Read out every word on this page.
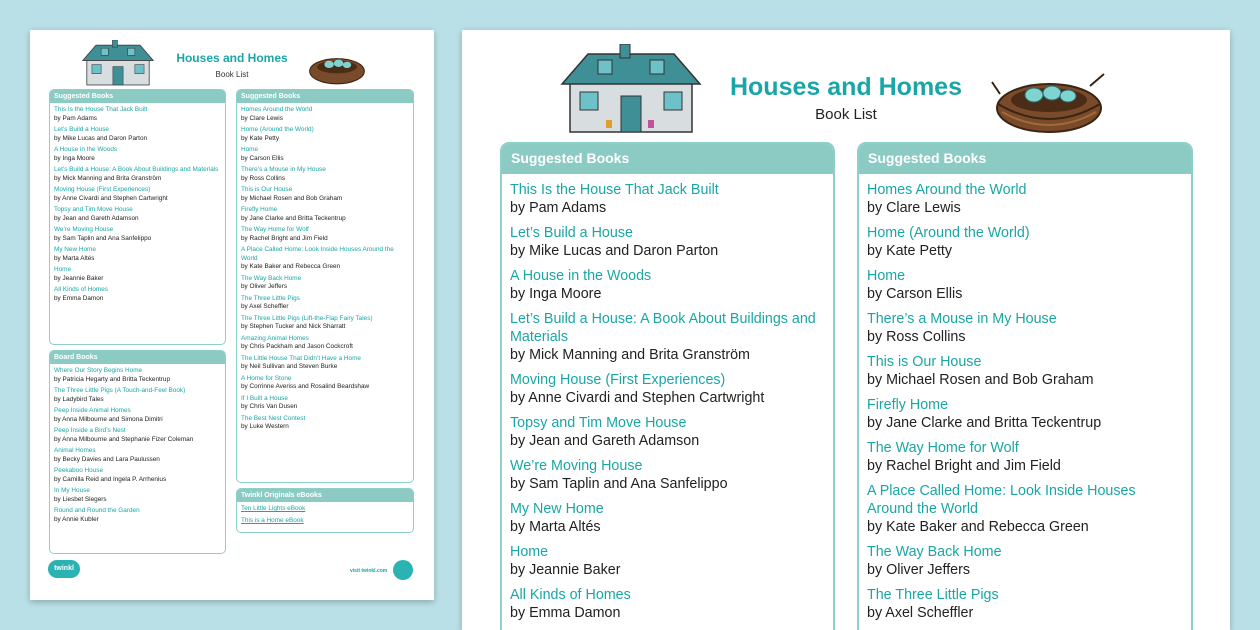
Houses and Homes
Book List
Suggested Books
This Is the House That Jack Built
by Pam Adams
Let’s Build a House
by Mike Lucas and Daron Parton
A House in the Woods
by Inga Moore
Let’s Build a House: A Book About Buildings and Materials
by Mick Manning and Brita Granström
Moving House (First Experiences)
by Anne Civardi and Stephen Cartwright
Topsy and Tim Move House
by Jean and Gareth Adamson
We’re Moving House
by Sam Taplin and Ana Sanfelippo
My New Home
by Marta Altés
Home
by Jeannie Baker
All Kinds of Homes
by Emma Damon
Board Books
Where Our Story Begins Home
by Patricia Hegarty and Britta Teckentrup
The Three Little Pigs (A Touch-and-Feel Book)
by Ladybird Tales
Peep Inside Animal Homes
by Anna Milbourne and Simona Dimitri
Peep Inside a Bird’s Nest
by Anna Milbourne and Stephanie Fizer Coleman
Animal Homes
by Becky Davies and Lara Paulussen
Peekaboo House
by Camilla Reid and Ingela P. Arrhenius
In My House
by Liesbet Slegers
Round and Round the Garden
by Annie Kubler
Suggested Books
Homes Around the World
by Clare Lewis
Home (Around the World)
by Kate Petty
Home
by Carson Ellis
There’s a Mouse in My House
by Ross Collins
This is Our House
by Michael Rosen and Bob Graham
Firefly Home
by Jane Clarke and Britta Teckentrup
The Way Home for Wolf
by Rachel Bright and Jim Field
A Place Called Home: Look Inside Houses Around the World
by Kate Baker and Rebecca Green
The Way Back Home
by Oliver Jeffers
The Three Little Pigs
by Axel Scheffler
The Three Little Pigs (Lift-the-Flap Fairy Tales)
by Stephen Tucker and Nick Sharratt
Amazing Animal Homes
by Chris Packham and Jason Cockcroft
The Little House That Didn’t Have a Home
by Neil Sullivan and Steven Burke
A Home for Stone
by Corrinne Averiss and Rosalind Beardshaw
If I Built a House
by Chris Van Dusen
The Best Nest Contest
by Luke Western
Twinkl Originals eBooks
Ten Little Lights eBook
This is a Home eBook
twinkl	visit twinkl.com
Houses and Homes
Book List
Suggested Books
This Is the House That Jack Built
by Pam Adams
Let’s Build a House
by Mike Lucas and Daron Parton
A House in the Woods
by Inga Moore
Let’s Build a House: A Book About Buildings and Materials
by Mick Manning and Brita Granström
Moving House (First Experiences)
by Anne Civardi and Stephen Cartwright
Topsy and Tim Move House
by Jean and Gareth Adamson
We’re Moving House
by Sam Taplin and Ana Sanfelippo
My New Home
by Marta Altés
Home
by Jeannie Baker
All Kinds of Homes
by Emma Damon
Suggested Books
Homes Around the World
by Clare Lewis
Home (Around the World)
by Kate Petty
Home
by Carson Ellis
There’s a Mouse in My House
by Ross Collins
This is Our House
by Michael Rosen and Bob Graham
Firefly Home
by Jane Clarke and Britta Teckentrup
The Way Home for Wolf
by Rachel Bright and Jim Field
A Place Called Home: Look Inside Houses Around the World
by Kate Baker and Rebecca Green
The Way Back Home
by Oliver Jeffers
The Three Little Pigs
by Axel Scheffler
